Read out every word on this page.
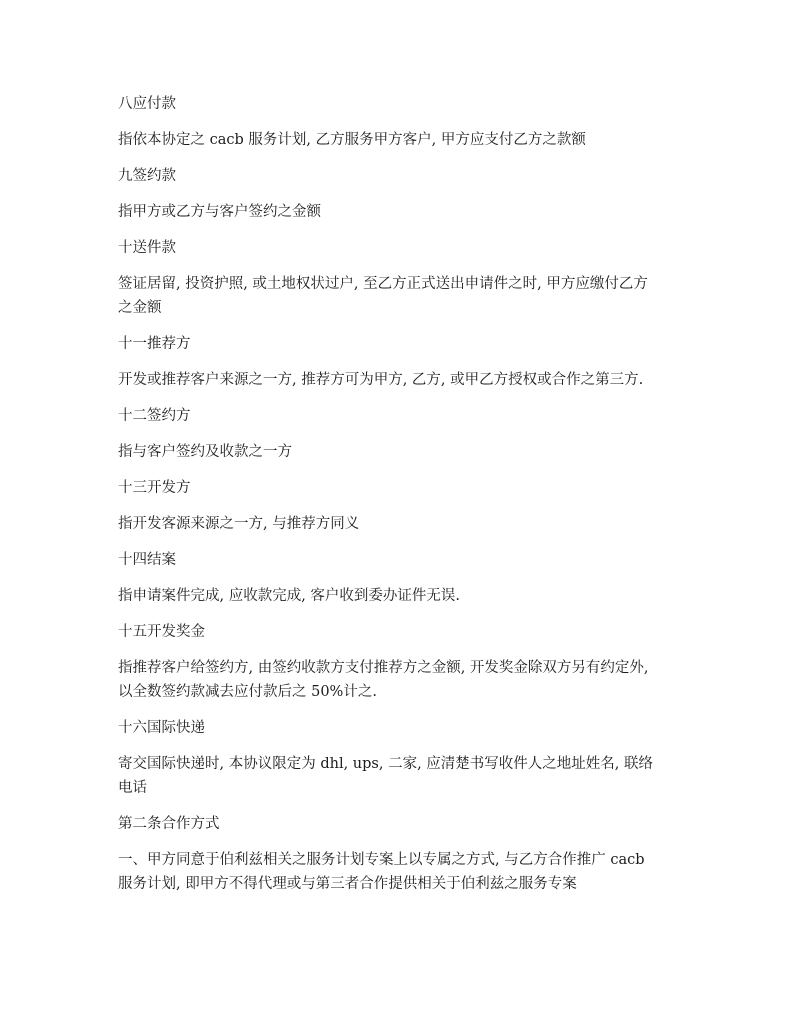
八应付款

指依本协定之 cacb 服务计划, 乙方服务甲方客户, 甲方应支付乙方之款额

九签约款

指甲方或乙方与客户签约之金额

十送件款

签证居留, 投资护照, 或土地权状过户, 至乙方正式送出申请件之时, 甲方应缴付乙方
之金额

十一推荐方

开发或推荐客户来源之一方, 推荐方可为甲方, 乙方, 或甲乙方授权或合作之第三方.

十二签约方

指与客户签约及收款之一方

十三开发方

指开发客源来源之一方, 与推荐方同义

十四结案

指申请案件完成, 应收款完成, 客户收到委办证件无误.

十五开发奖金

指推荐客户给签约方, 由签约收款方支付推荐方之金额, 开发奖金除双方另有约定外,
以全数签约款减去应付款后之 50%计之.

十六国际快递

寄交国际快递时, 本协议限定为 dhl, ups, 二家, 应清楚书写收件人之地址姓名, 联络
电话

第二条合作方式

一、甲方同意于伯利兹相关之服务计划专案上以专属之方式, 与乙方合作推广 cacb
服务计划, 即甲方不得代理或与第三者合作提供相关于伯利兹之服务专案
